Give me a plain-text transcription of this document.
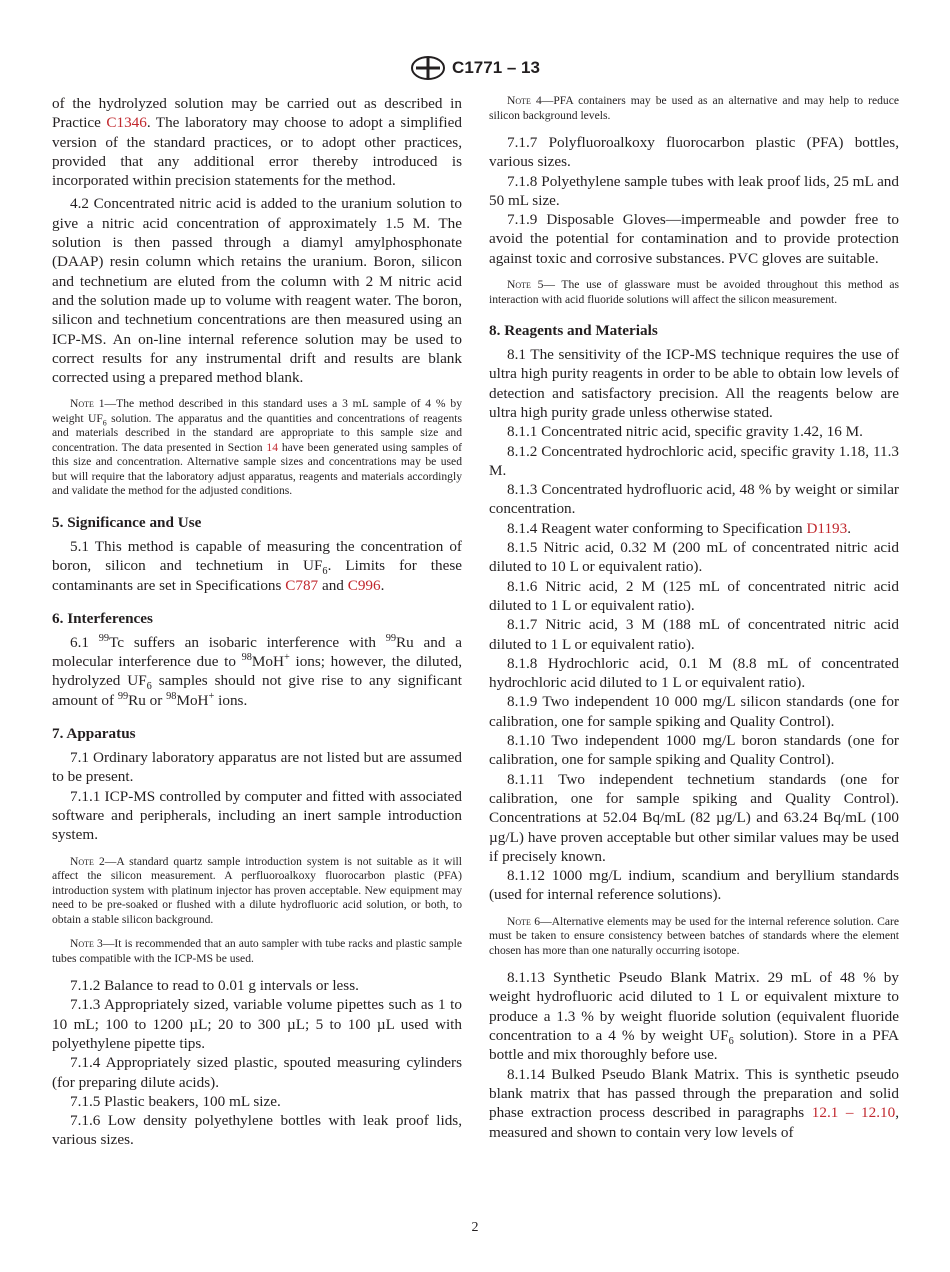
C1771 – 13

of the hydrolyzed solution may be carried out as described in Practice C1346. The laboratory may choose to adopt a simplified version of the standard practices, or to adopt other practices, provided that any additional error thereby introduced is incorporated within precision statements for the method.

4.2 Concentrated nitric acid is added to the uranium solution to give a nitric acid concentration of approximately 1.5 M. The solution is then passed through a diamyl amylphosphonate (DAAP) resin column which retains the uranium. Boron, silicon and technetium are eluted from the column with 2 M nitric acid and the solution made up to volume with reagent water. The boron, silicon and technetium concentrations are then measured using an ICP-MS. An on-line internal reference solution may be used to correct results for any instrumental drift and results are blank corrected using a prepared method blank.

Note 1—The method described in this standard uses a 3 mL sample of 4 % by weight $UF_6$ solution. The apparatus and the quantities and concentrations of reagents and materials described in the standard are appropriate to this sample size and concentration. The data presented in Section 14 have been generated using samples of this size and concentration. Alternative sample sizes and concentrations may be used but will require that the laboratory adjust apparatus, reagents and materials accordingly and validate the method for the adjusted conditions.

5. Significance and Use

5.1 This method is capable of measuring the concentration of boron, silicon and technetium in $UF_6$. Limits for these contaminants are set in Specifications C787 and C996.

6. Interferences

6.1 $^{99}$Tc suffers an isobaric interference with $^{99}$Ru and a molecular interference due to $^{98}$MoH+ ions; however, the diluted, hydrolyzed $UF_6$ samples should not give rise to any significant amount of $^{99}$Ru or $^{98}$MoH+ ions.

7. Apparatus

7.1 Ordinary laboratory apparatus are not listed but are assumed to be present.

7.1.1 ICP-MS controlled by computer and fitted with associated software and peripherals, including an inert sample introduction system.

Note 2—A standard quartz sample introduction system is not suitable as it will affect the silicon measurement. A perfluoroalkoxy fluorocarbon plastic (PFA) introduction system with platinum injector has proven acceptable. New equipment may need to be pre-soaked or flushed with a dilute hydrofluoric acid solution, or both, to obtain a stable silicon background.

Note 3—It is recommended that an auto sampler with tube racks and plastic sample tubes compatible with the ICP-MS be used.

7.1.2 Balance to read to 0.01 g intervals or less.

7.1.3 Appropriately sized, variable volume pipettes such as 1 to 10 mL; 100 to 1200 µL; 20 to 300 µL; 5 to 100 µL used with polyethylene pipette tips.

7.1.4 Appropriately sized plastic, spouted measuring cylinders (for preparing dilute acids).

7.1.5 Plastic beakers, 100 mL size.

7.1.6 Low density polyethylene bottles with leak proof lids, various sizes.

Note 4—PFA containers may be used as an alternative and may help to reduce silicon background levels.

7.1.7 Polyfluoroalkoxy fluorocarbon plastic (PFA) bottles, various sizes.

7.1.8 Polyethylene sample tubes with leak proof lids, 25 mL and 50 mL size.

7.1.9 Disposable Gloves—impermeable and powder free to avoid the potential for contamination and to provide protection against toxic and corrosive substances. PVC gloves are suitable.

Note 5— The use of glassware must be avoided throughout this method as interaction with acid fluoride solutions will affect the silicon measurement.

8. Reagents and Materials

8.1 The sensitivity of the ICP-MS technique requires the use of ultra high purity reagents in order to be able to obtain low levels of detection and satisfactory precision. All the reagents below are ultra high purity grade unless otherwise stated.

8.1.1 Concentrated nitric acid, specific gravity 1.42, 16 M.

8.1.2 Concentrated hydrochloric acid, specific gravity 1.18, 11.3 M.

8.1.3 Concentrated hydrofluoric acid, 48 % by weight or similar concentration.

8.1.4 Reagent water conforming to Specification D1193.

8.1.5 Nitric acid, 0.32 M (200 mL of concentrated nitric acid diluted to 10 L or equivalent ratio).

8.1.6 Nitric acid, 2 M (125 mL of concentrated nitric acid diluted to 1 L or equivalent ratio).

8.1.7 Nitric acid, 3 M (188 mL of concentrated nitric acid diluted to 1 L or equivalent ratio).

8.1.8 Hydrochloric acid, 0.1 M (8.8 mL of concentrated hydrochloric acid diluted to 1 L or equivalent ratio).

8.1.9 Two independent 10 000 mg/L silicon standards (one for calibration, one for sample spiking and Quality Control).

8.1.10 Two independent 1000 mg/L boron standards (one for calibration, one for sample spiking and Quality Control).

8.1.11 Two independent technetium standards (one for calibration, one for sample spiking and Quality Control). Concentrations at 52.04 Bq/mL (82 µg/L) and 63.24 Bq/mL (100 µg/L) have proven acceptable but other similar values may be used if precisely known.

8.1.12 1000 mg/L indium, scandium and beryllium standards (used for internal reference solutions).

Note 6—Alternative elements may be used for the internal reference solution. Care must be taken to ensure consistency between batches of standards where the element chosen has more than one naturally occurring isotope.

8.1.13 Synthetic Pseudo Blank Matrix. 29 mL of 48 % by weight hydrofluoric acid diluted to 1 L or equivalent mixture to produce a 1.3 % by weight fluoride solution (equivalent fluoride concentration to a 4 % by weight $UF_6$ solution). Store in a PFA bottle and mix thoroughly before use.

8.1.14 Bulked Pseudo Blank Matrix. This is synthetic pseudo blank matrix that has passed through the preparation and solid phase extraction process described in paragraphs 12.1 – 12.10, measured and shown to contain very low levels of

2
